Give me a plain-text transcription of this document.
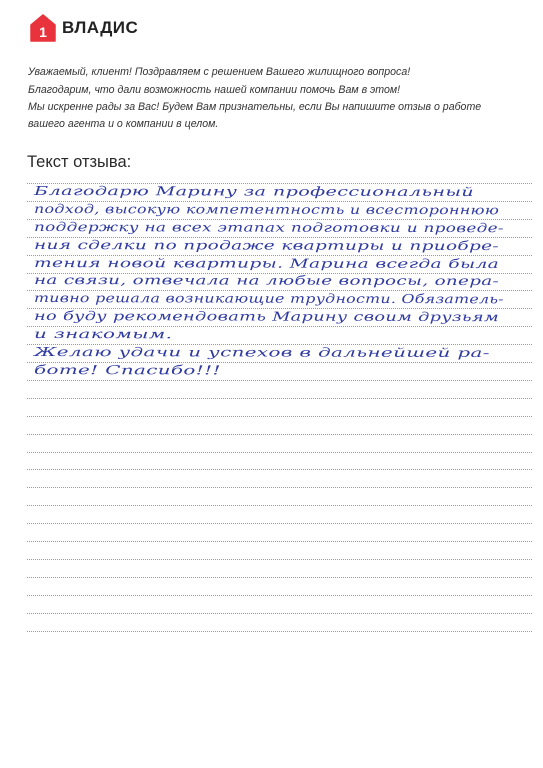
1 ВЛАДИС

Уважаемый, клиент! Поздравляем с решением Вашего жилищного вопроса!

Благодарим, что дали возможность нашей компании помочь Вам в этом!

Мы искренне рады за Вас! Будем Вам признательны, если Вы напишите отзыв о работе

вашего агента и о компании в целом.

Текст отзыва:
Благодарю Марину за профессиональный
подход, высокую компетентность и всестороннюю
поддержку на всех этапах подготовки и проведе-
ния сделки по продаже квартиры и приобре-
тения новой квартиры. Марина всегда была
на связи, отвечала на любые вопросы, опера-
тивно решала возникающие трудности. Обязатель-
но буду рекомендовать Марину своим друзьям
и знакомым.
Желаю удачи и успехов в дальнейшей ра-
боте! Спасибо!!!
